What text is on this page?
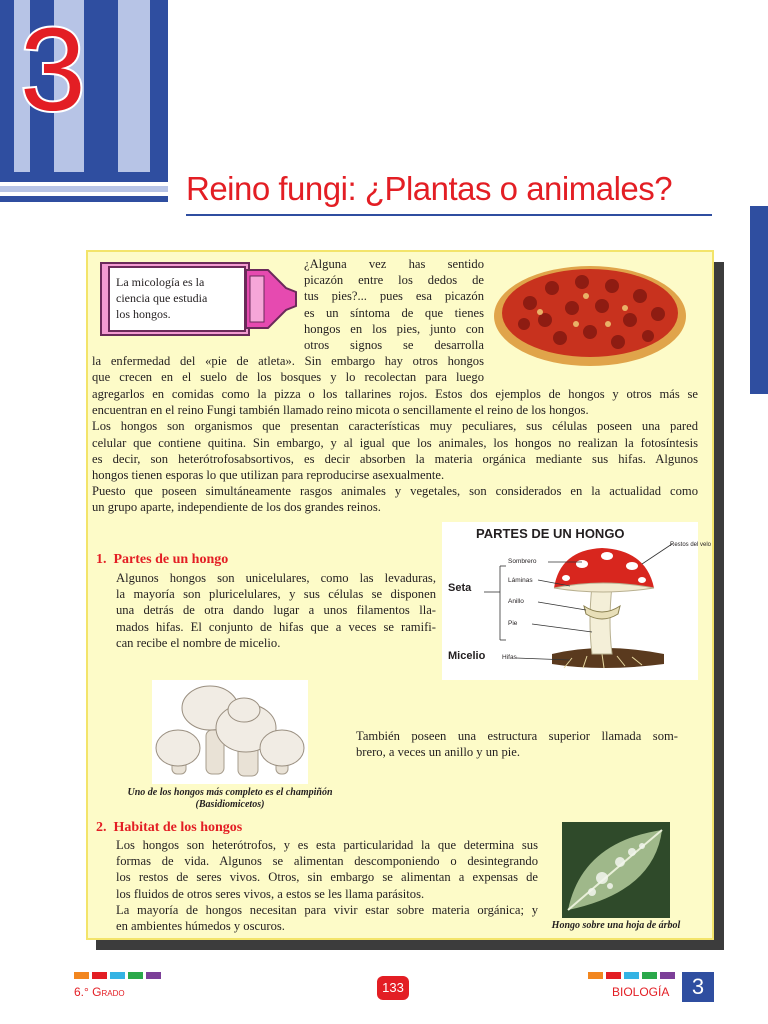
3
Reino fungi: ¿Plantas o animales?
La micología es la
ciencia que estudia
los hongos.
¿Alguna vez has sentido
picazón entre los dedos de
tus pies?... pues esa picazón
es un síntoma de que tienes
hongos en los pies, junto con
otros signos se desarrolla
la enfermedad del «pie de atleta». Sin embargo hay otros hongos
que crecen en el suelo de los bosques y lo recolectan para luego
agregarlos en comidas como la pizza o los tallarines rojos. Estos dos ejemplos de hongos y otros más se
encuentran en el reino Fungi también llamado reino micota o sencillamente el reino de los hongos.
Los hongos son organismos que presentan características muy peculiares, sus células poseen una pared
celular que contiene quitina. Sin embargo, y al igual que los animales, los hongos no realizan la fotosíntesis
es decir, son heterótrofosabsortivos, es decir absorben la materia orgánica mediante sus hifas. Algunos
hongos tienen esporas lo que utilizan para reproducirse asexualmente.
Puesto que poseen simultáneamente rasgos animales y vegetales, son considerados en la actualidad como
un grupo aparte, independiente de los dos grandes reinos.
1. Partes de un hongo
Algunos hongos son unicelulares, como las levaduras,
la mayoría son pluricelulares, y sus células se disponen
una detrás de otra dando lugar a unos filamentos lla-
mados hifas. El conjunto de hifas que a veces se ramifi-
can recibe el nombre de micelio.
PARTES DE UN HONGO
Restos del velo
Sombrero
Láminas
Anillo
Pie
Hifas
Seta
Micelio
Uno de los hongos más completo es el champiñón
(Basidiomicetos)
También poseen una estructura superior llamada som-
brero, a veces un anillo y un pie.
2. Habitat de los hongos
Los hongos son heterótrofos, y es esta particularidad la que determina sus
formas de vida. Algunos se alimentan descomponiendo o desintegrando
los restos de seres vivos. Otros, sin embargo se alimentan a expensas de
los fluidos de otros seres vivos, a estos se les llama parásitos.
La mayoría de hongos necesitan para vivir estar sobre materia orgánica; y
en ambientes húmedos y oscuros.	Hongo sobre una hoja de árbol
6.° Grado	133	BIOLOGÍA	3
